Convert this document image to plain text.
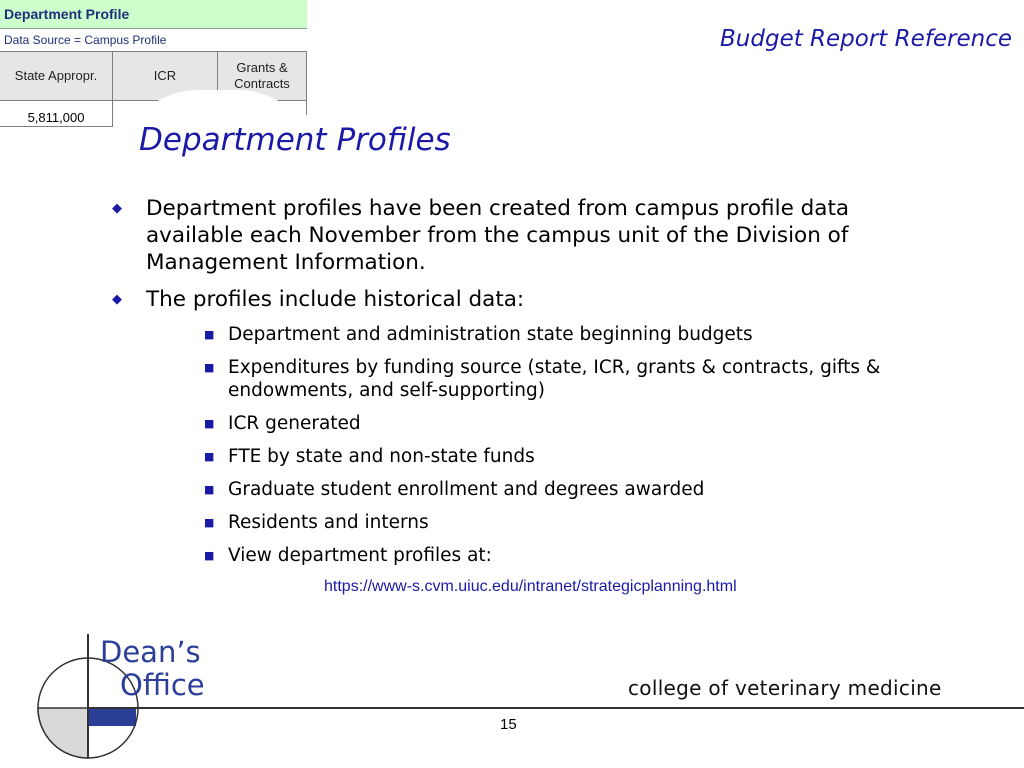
Department Profile
Data Source = Campus Profile
State Appropr.	ICR
Grants & Contracts
5,811,000
Budget Report Reference
Department Profiles
◆ Department profiles have been created from campus profile data available each November from the campus unit of the Division of Management Information.
◆ The profiles include historical data:
■ Department and administration state beginning budgets
■ Expenditures by funding source (state, ICR, grants & contracts, gifts & endowments, and self-supporting)
■ ICR generated
■ FTE by state and non-state funds
■ Graduate student enrollment and degrees awarded
■ Residents and interns
■ View department profiles at:
https://www-s.cvm.uiuc.edu/intranet/strategicplanning.html
Dean’s
Office	college of veterinary medicine
15
